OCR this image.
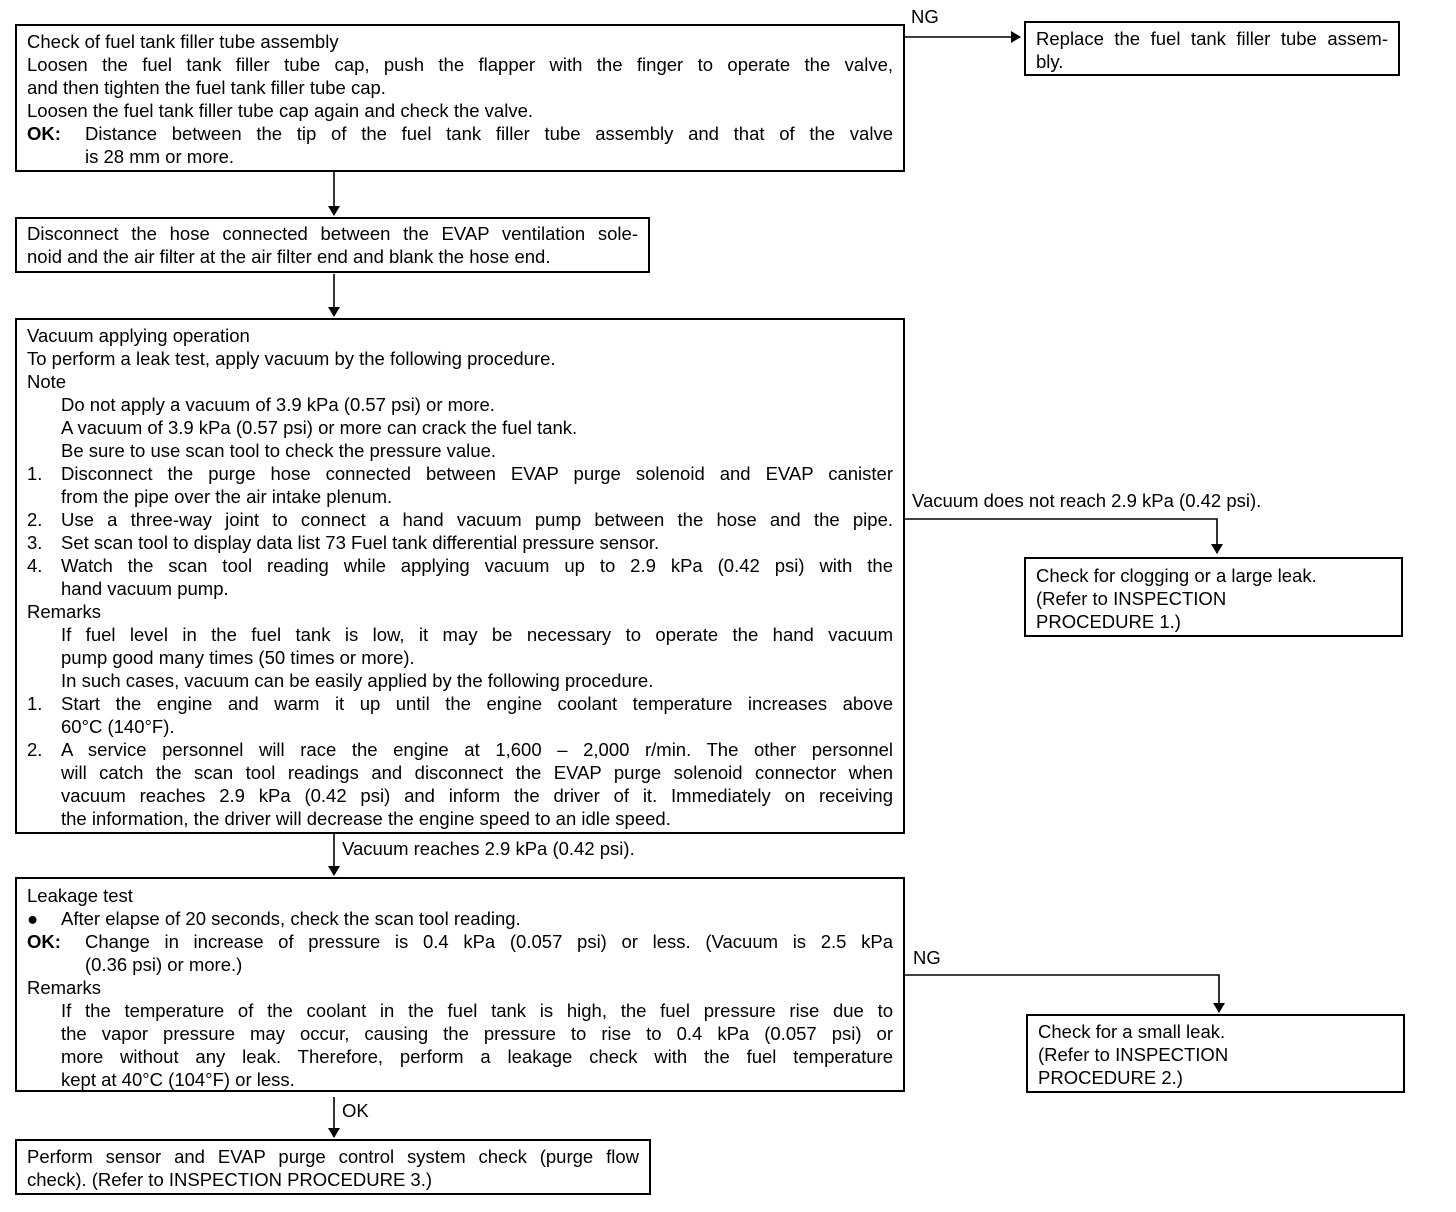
Check of fuel tank filler tube assembly
Loosen the fuel tank filler tube cap, push the flapper with the finger to operate the valve,
and then tighten the fuel tank filler tube cap.
Loosen the fuel tank filler tube cap again and check the valve.
OK:	Distance between the tip of the fuel tank filler tube assembly and that of the valve
is 28 mm or more.
NG
Replace the fuel tank filler tube assem-
bly.
Disconnect the hose connected between the EVAP ventilation sole-
noid and the air filter at the air filter end and blank the hose end.
Vacuum applying operation
To perform a leak test, apply vacuum by the following procedure.
Note
Do not apply a vacuum of 3.9 kPa (0.57 psi) or more.
A vacuum of 3.9 kPa (0.57 psi) or more can crack the fuel tank.
Be sure to use scan tool to check the pressure value.
1.	Disconnect the purge hose connected between EVAP purge solenoid and EVAP canister
from the pipe over the air intake plenum.
2.	Use a three-way joint to connect a hand vacuum pump between the hose and the pipe.
3.	Set scan tool to display data list 73 Fuel tank differential pressure sensor.
4.	Watch the scan tool reading while applying vacuum up to 2.9 kPa (0.42 psi) with the
hand vacuum pump.
Remarks
If fuel level in the fuel tank is low, it may be necessary to operate the hand vacuum
pump good many times (50 times or more).
In such cases, vacuum can be easily applied by the following procedure.
1.	Start the engine and warm it up until the engine coolant temperature increases above
60°C (140°F).
2.	A service personnel will race the engine at 1,600 – 2,000 r/min. The other personnel
will catch the scan tool readings and disconnect the EVAP purge solenoid connector when
vacuum reaches 2.9 kPa (0.42 psi) and inform the driver of it. Immediately on receiving
the information, the driver will decrease the engine speed to an idle speed.
Vacuum does not reach 2.9 kPa (0.42 psi).
Check for clogging or a large leak.
(Refer to INSPECTION
PROCEDURE 1.)
Vacuum reaches 2.9 kPa (0.42 psi).
Leakage test
●	After elapse of 20 seconds, check the scan tool reading.
OK:	Change in increase of pressure is 0.4 kPa (0.057 psi) or less. (Vacuum is 2.5 kPa
(0.36 psi) or more.)
Remarks
If the temperature of the coolant in the fuel tank is high, the fuel pressure rise due to
the vapor pressure may occur, causing the pressure to rise to 0.4 kPa (0.057 psi) or
more without any leak. Therefore, perform a leakage check with the fuel temperature
kept at 40°C (104°F) or less.
NG
Check for a small leak.
(Refer to INSPECTION
PROCEDURE 2.)
OK
Perform sensor and EVAP purge control system check (purge flow
check). (Refer to INSPECTION PROCEDURE 3.)
